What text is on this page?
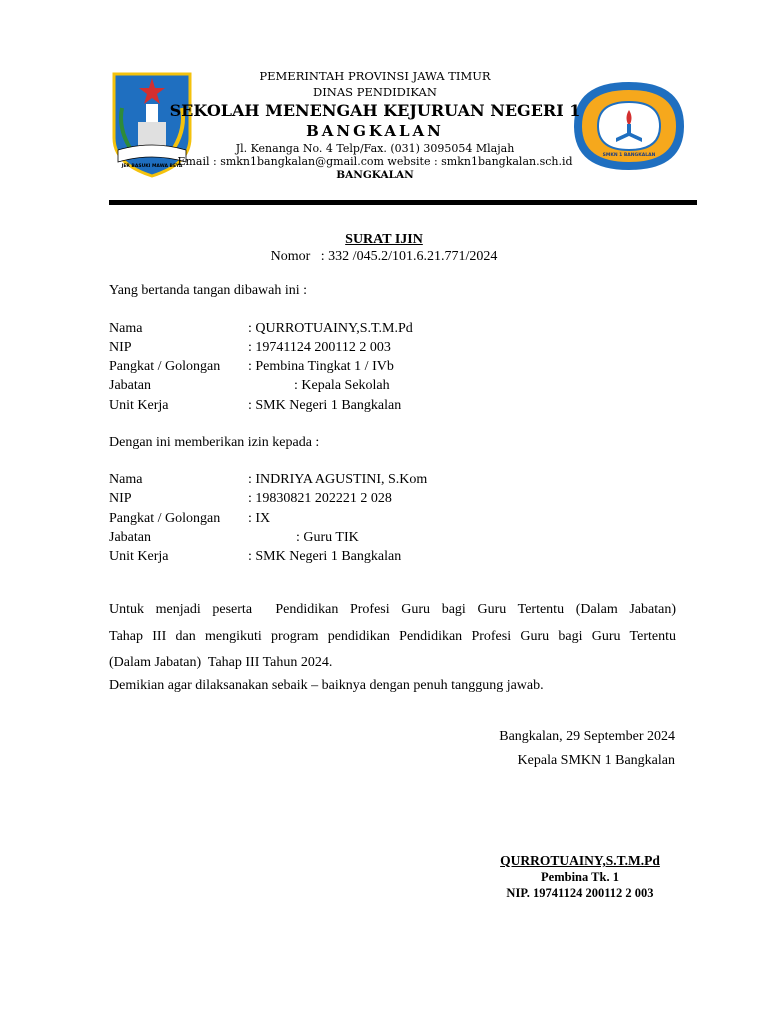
JER BASUKI MAWA BEYA
SMKN 1 BANGKALAN
PEMERINTAH PROVINSI JAWA TIMUR
DINAS PENDIDIKAN
SEKOLAH MENENGAH KEJURUAN NEGERI 1
BANGKALAN
Jl. Kenanga No. 4 Telp/Fax. (031) 3095054 Mlajah
Email : smkn1bangkalan@gmail.com website : smkn1bangkalan.sch.id
BANGKALAN
SURAT IJIN
Nomor   : 332 /045.2/101.6.21.771/2024
Yang bertanda tangan dibawah ini :
Nama	: QURROTUAINY,S.T.M.Pd
NIP	: 19741124 200112 2 003
Pangkat / Golongan : Pembina Tingkat 1 / IVb
Jabatan	: Kepala Sekolah
Unit Kerja	: SMK Negeri 1 Bangkalan
Dengan ini memberikan izin kepada :
Nama	: INDRIYA AGUSTINI, S.Kom
NIP	: 19830821 202221 2 028
Pangkat / Golongan : IX
Jabatan	: Guru TIK
Unit Kerja	: SMK Negeri 1 Bangkalan
Untuk menjadi peserta  Pendidikan Profesi Guru bagi Guru Tertentu (Dalam Jabatan)
Tahap III dan mengikuti program pendidikan Pendidikan Profesi Guru bagi Guru Tertentu
(Dalam Jabatan)  Tahap III Tahun 2024.
Demikian agar dilaksanakan sebaik – baiknya dengan penuh tanggung jawab.
Bangkalan, 29 September 2024
Kepala SMKN 1 Bangkalan
QURROTUAINY,S.T.M.Pd
Pembina Tk. 1
NIP. 19741124 200112 2 003
